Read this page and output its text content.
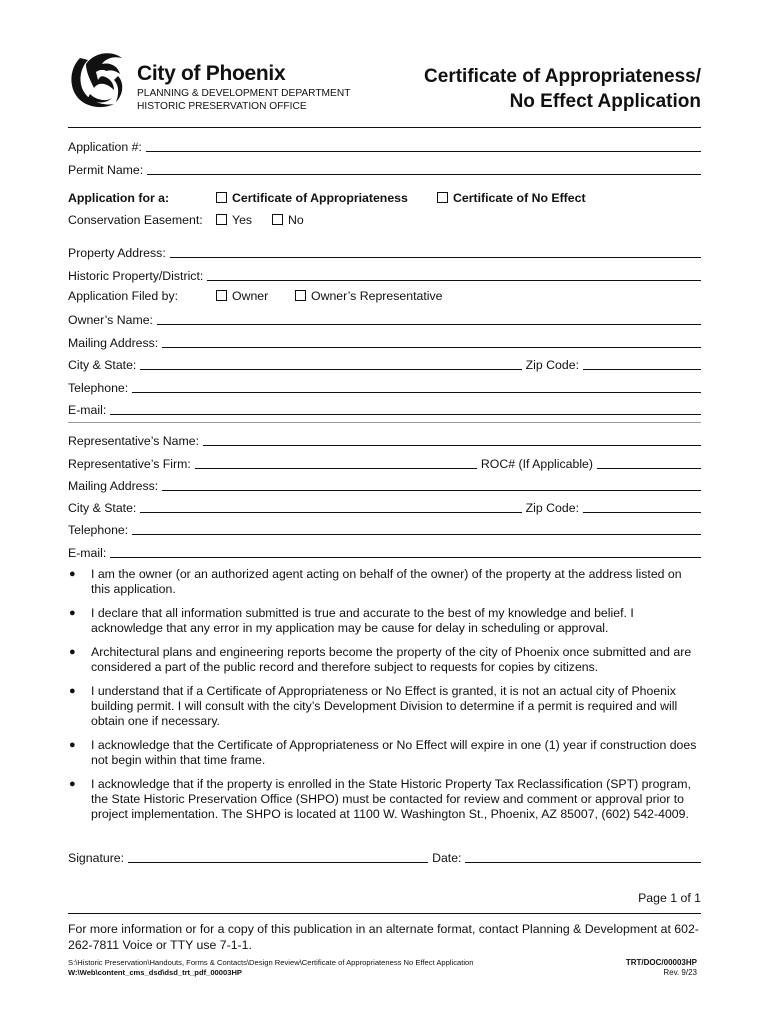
City of Phoenix
PLANNING & DEVELOPMENT DEPARTMENT
HISTORIC PRESERVATION OFFICE
Certificate of Appropriateness/
No Effect Application
Application #:
Permit Name:
Application for a:	Certificate of Appropriateness	Certificate of No Effect
Conservation Easement:	Yes	No
Property Address:
Historic Property/District:
Application Filed by:	Owner	Owner’s Representative
Owner’s Name:
Mailing Address:
City & State:	Zip Code:
Telephone:
E-mail:
Representative’s Name:
Representative’s Firm:	ROC# (If Applicable)
Mailing Address:
City & State:	Zip Code:
Telephone:
E-mail:
● I am the owner (or an authorized agent acting on behalf of the owner) of the property at the address listed on this application.
● I declare that all information submitted is true and accurate to the best of my knowledge and belief. I acknowledge that any error in my application may be cause for delay in scheduling or approval.
● Architectural plans and engineering reports become the property of the city of Phoenix once submitted and are considered a part of the public record and therefore subject to requests for copies by citizens.
● I understand that if a Certificate of Appropriateness or No Effect is granted, it is not an actual city of Phoenix building permit. I will consult with the city’s Development Division to determine if a permit is required and will obtain one if necessary.
● I acknowledge that the Certificate of Appropriateness or No Effect will expire in one (1) year if construction does not begin within that time frame.
● I acknowledge that if the property is enrolled in the State Historic Property Tax Reclassification (SPT) program, the State Historic Preservation Office (SHPO) must be contacted for review and comment or approval prior to project implementation. The SHPO is located at 1100 W. Washington St., Phoenix, AZ 85007, (602) 542-4009.
Signature:	Date:
Page 1 of 1
For more information or for a copy of this publication in an alternate format, contact Planning & Development at 602-262-7811 Voice or TTY use 7-1-1.
S:\Historic Preservation\Handouts, Forms & Contacts\Design Review\Certificate of Appropriateness No Effect Application
W:\Web\content_cms_dsd\dsd_trt_pdf_00003HP
TRT/DOC/00003HP
Rev. 9/23
